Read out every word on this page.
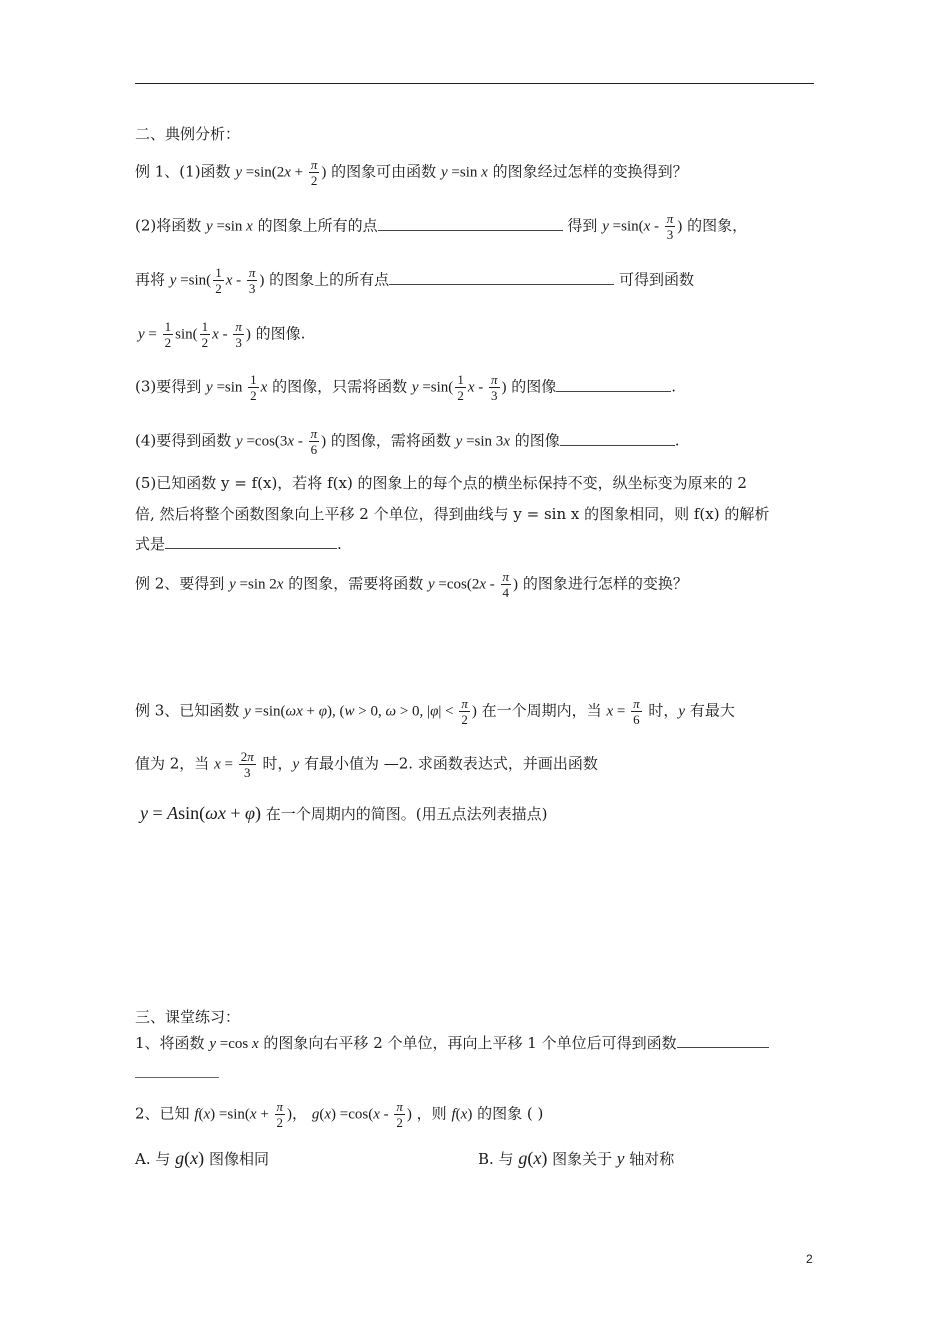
二、典例分析：
例 1、(1)函数 $y =\sin(2x + \frac{\pi}{2}$ ) 的图象可由函数 y =sin x 的图象经过怎样的变换得到？
(2)将函数 y =sin x 的图象上所有的点	得到 $y =\sin(x - \frac{\pi}{3}$ ) 的图象，
再将 $y =\sin( \frac{1}{2}$ x - $\frac{\pi}{3}$ ) 的图象上的所有点	可得到函数
$y = \frac{1}{2} \sin( \frac{1}{2}$ x - $\frac{\pi}{3}$ ) 的图像.
(3)要得到 $y =\sin \frac{1}{2}$ x 的图像，只需将函数 $y =\sin( \frac{1}{2}$ x - $\frac{\pi}{3}$ ) 的图像	.
(4)要得到函数 $y =\cos(3x - \frac{\pi}{6}$ ) 的图像，需将函数 y =sin 3x 的图像	.
(5)已知函数 y = f(x)，若将 f(x) 的图象上的每个点的横坐标保持不变，纵坐标变为原来的 2
倍, 然后将整个函数图象向上平移 2 个单位，得到曲线与 y = sin x 的图象相同，则 f(x) 的解析
式是	.
例 2、要得到 y =sin 2x 的图象，需要将函数 $y =\cos(2x - \frac{\pi}{4}$ ) 的图象进行怎样的变换？
例 3、已知函数 y =sin(ωx + φ), (w > 0, ω > 0, $|\varphi| < \frac{\pi}{2}$ ) 在一个周期内，当 $x = \frac{\pi}{6}$ 时，y 有最大
值为 2，当 $x = \frac{2\pi}{3}$ 时，y 有最小值为 —2. 求函数表达式，并画出函数
y = Asin(ωx + φ) 在一个周期内的简图。(用五点法列表描点)
三、课堂练习：
1、将函数 y =cos x 的图象向右平移 2 个单位，再向上平移 1 个单位后可得到函数
2、已知 $f(x) =\sin(x + \frac{\pi}{2}$ )， $g(x) =\cos(x - \frac{\pi}{2}$ ) ，则 f(x) 的图象 ( )
A. 与 g(x) 图像相同	B. 与 g(x) 图象关于 y 轴对称
2
